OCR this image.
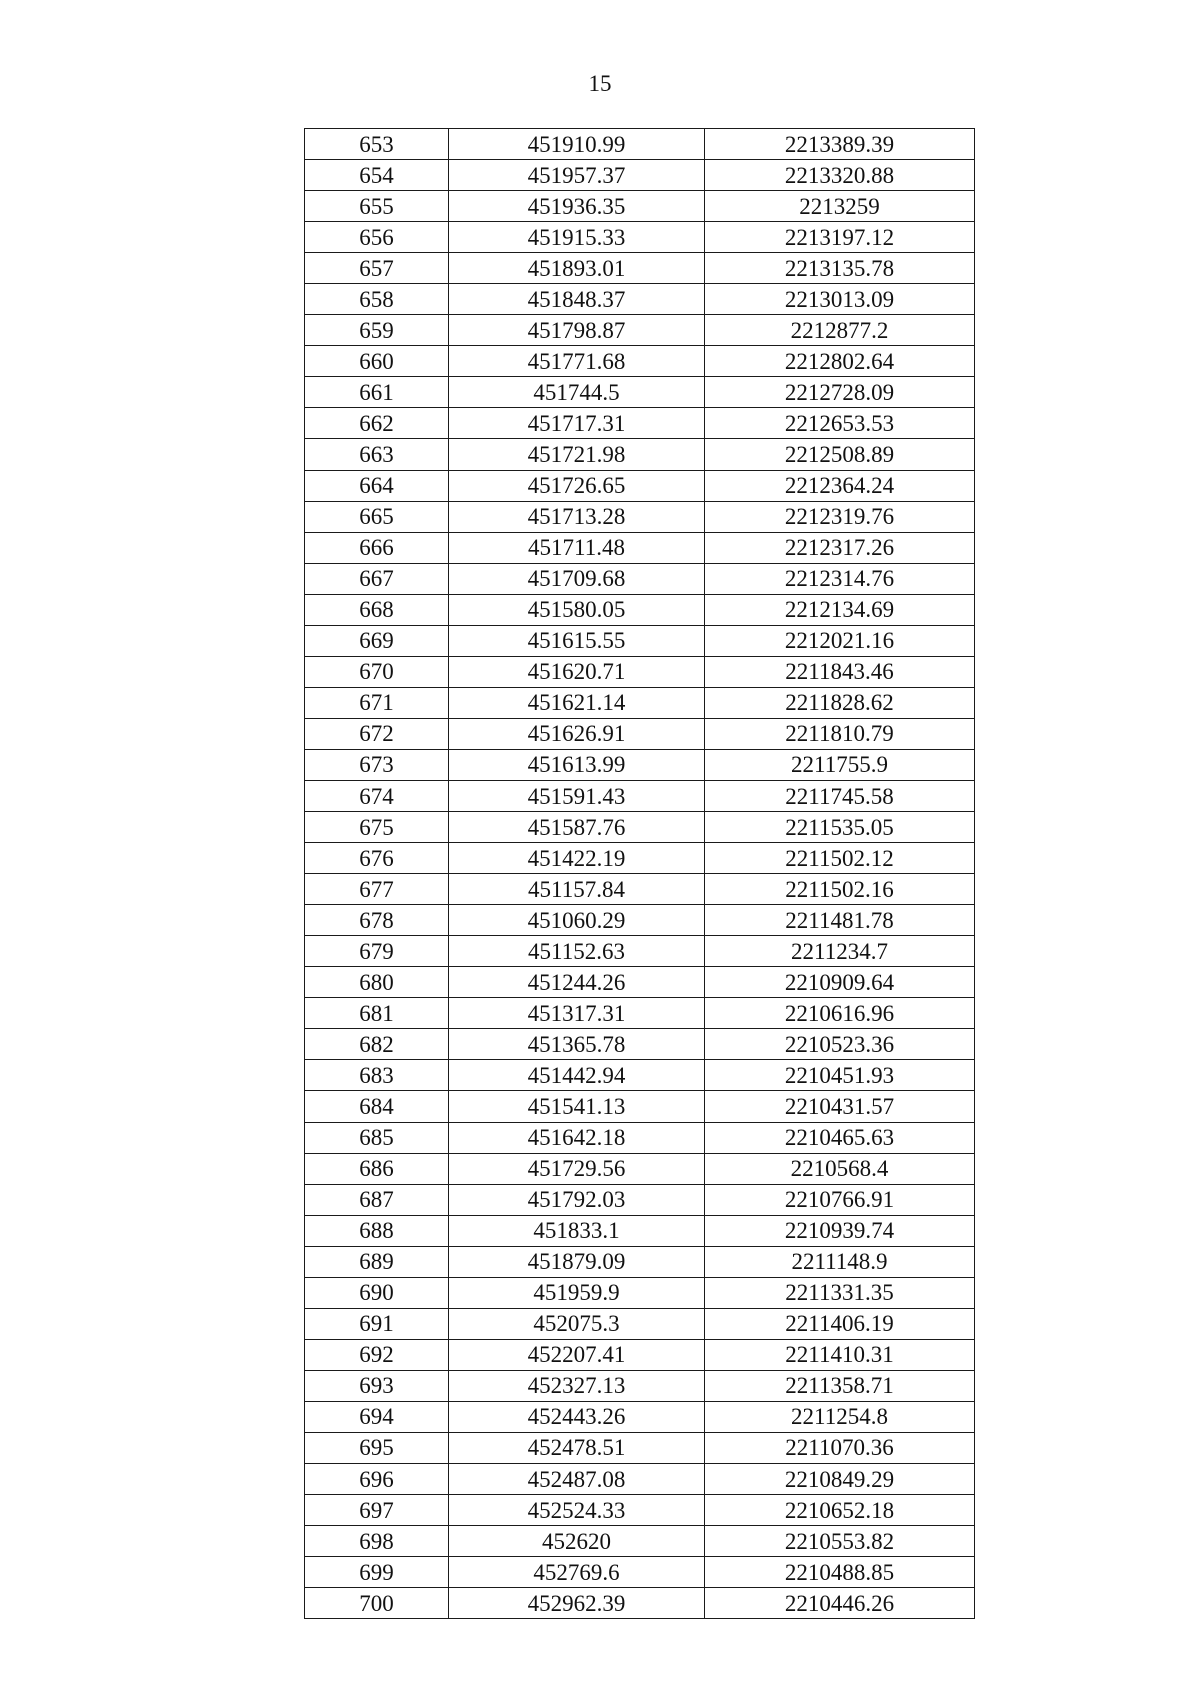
15
653	451910.99	2213389.39
654	451957.37	2213320.88
655	451936.35	2213259
656	451915.33	2213197.12
657	451893.01	2213135.78
658	451848.37	2213013.09
659	451798.87	2212877.2
660	451771.68	2212802.64
661	451744.5	2212728.09
662	451717.31	2212653.53
663	451721.98	2212508.89
664	451726.65	2212364.24
665	451713.28	2212319.76
666	451711.48	2212317.26
667	451709.68	2212314.76
668	451580.05	2212134.69
669	451615.55	2212021.16
670	451620.71	2211843.46
671	451621.14	2211828.62
672	451626.91	2211810.79
673	451613.99	2211755.9
674	451591.43	2211745.58
675	451587.76	2211535.05
676	451422.19	2211502.12
677	451157.84	2211502.16
678	451060.29	2211481.78
679	451152.63	2211234.7
680	451244.26	2210909.64
681	451317.31	2210616.96
682	451365.78	2210523.36
683	451442.94	2210451.93
684	451541.13	2210431.57
685	451642.18	2210465.63
686	451729.56	2210568.4
687	451792.03	2210766.91
688	451833.1	2210939.74
689	451879.09	2211148.9
690	451959.9	2211331.35
691	452075.3	2211406.19
692	452207.41	2211410.31
693	452327.13	2211358.71
694	452443.26	2211254.8
695	452478.51	2211070.36
696	452487.08	2210849.29
697	452524.33	2210652.18
698	452620	2210553.82
699	452769.6	2210488.85
700	452962.39	2210446.26
